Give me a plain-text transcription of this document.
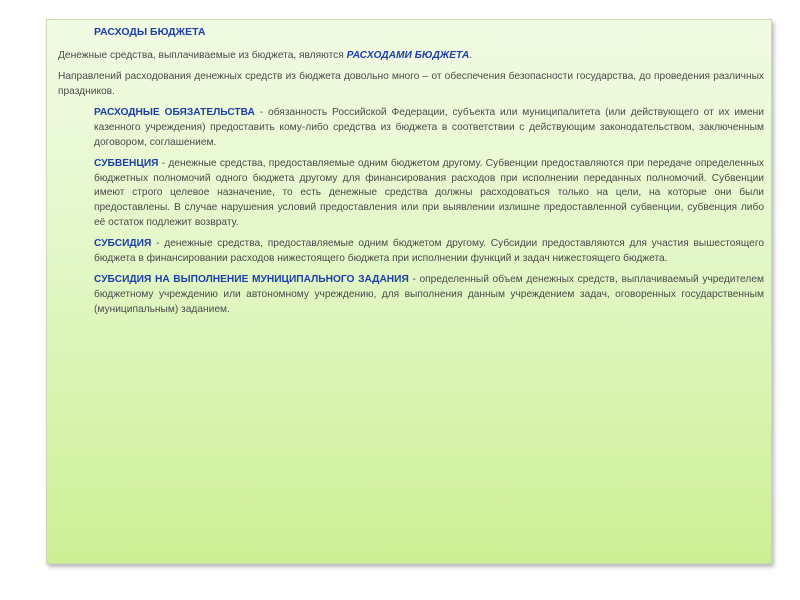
РАСХОДЫ БЮДЖЕТА

Денежные средства, выплачиваемые из бюджета, являются РАСХОДАМИ БЮДЖЕТА.

Направлений расходования денежных средств из бюджета довольно много – от обеспечения безопасности государства, до проведения различных праздников.

РАСХОДНЫЕ ОБЯЗАТЕЛЬСТВА - обязанность Российской Федерации, субъекта или муниципалитета (или действующего от их имени казенного учреждения) предоставить кому-либо средства из бюджета в соответствии с действующим законодательством, заключенным договором, соглашением.

СУБВЕНЦИЯ - денежные средства, предоставляемые одним бюджетом другому. Субвенции предоставляются при передаче определенных бюджетных полномочий одного бюджета другому для финансирования расходов при исполнении переданных полномочий. Субвенции имеют строго целевое назначение, то есть денежные средства должны расходоваться только на цели, на которые они были предоставлены. В случае нарушения условий предоставления или при выявлении излишне предоставленной субвенции, субвенция либо её остаток подлежит возврату.

СУБСИДИЯ - денежные средства, предоставляемые одним бюджетом другому. Субсидии предоставляются для участия вышестоящего бюджета в финансировании расходов нижестоящего бюджета при исполнении функций и задач нижестоящего бюджета.

СУБСИДИЯ НА ВЫПОЛНЕНИЕ МУНИЦИПАЛЬНОГО ЗАДАНИЯ - определенный объем денежных средств, выплачиваемый учредителем бюджетному учреждению или автономному учреждению, для выполнения данным учреждением задач, оговоренных государственным (муниципальным) заданием.
